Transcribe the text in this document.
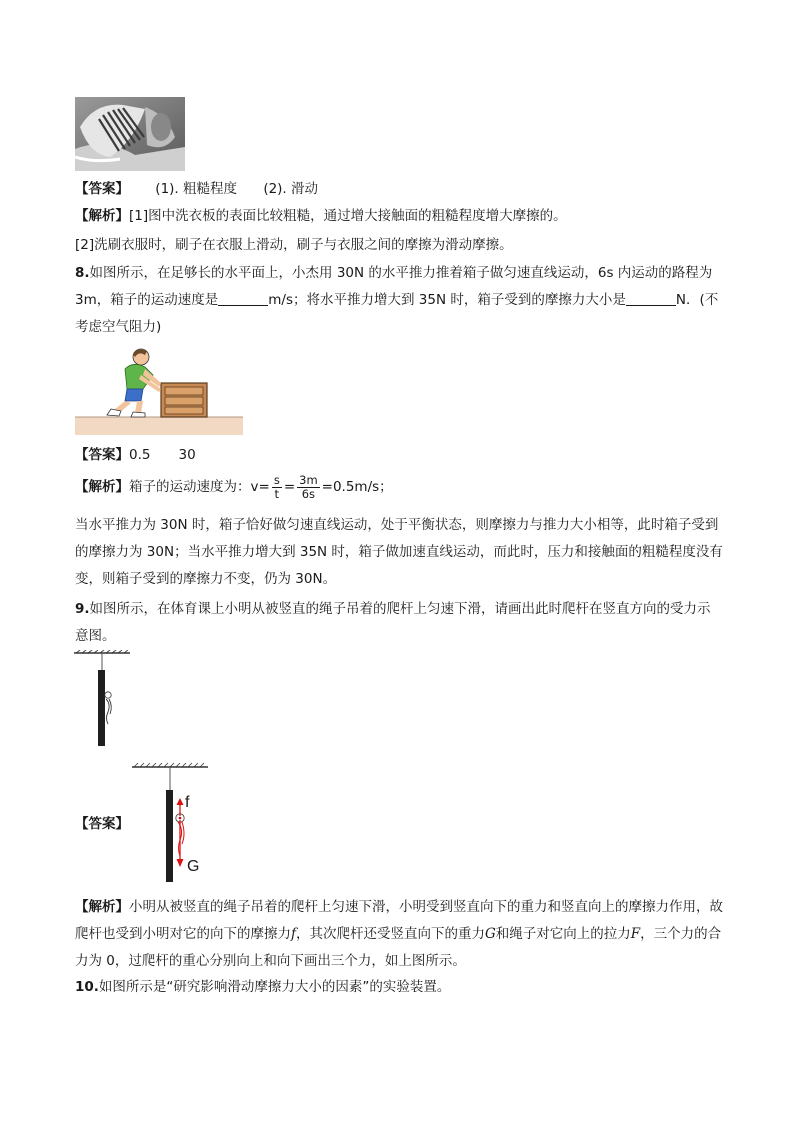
【答案】 (1). 粗糙程度 (2). 滑动
【解析】[1]图中洗衣板的表面比较粗糙，通过增大接触面的粗糙程度增大摩擦的。
[2]洗刷衣服时，刷子在衣服上滑动，刷子与衣服之间的摩擦为滑动摩擦。
8.如图所示，在足够长的水平面上，小杰用 30N 的水平推力推着箱子做匀速直线运动，6s 内运动的路程为
3m，箱子的运动速度是	m/s；将水平推力增大到 35N 时，箱子受到的摩擦力大小是	N．(不
考虑空气阻力)
【答案】0.5 30
【解析】箱子的运动速度为：$v= \frac{s}{t} = \frac{3m}{6s} =0.5m/s$；
当水平推力为 30N 时，箱子恰好做匀速直线运动，处于平衡状态，则摩擦力与推力大小相等，此时箱子受到的摩擦力为 30N；当水平推力增大到 35N 时，箱子做加速直线运动，而此时，压力和接触面的粗糙程度没有变，则箱子受到的摩擦力不变，仍为 30N。
9.如图所示，在体育课上小明从被竖直的绳子吊着的爬杆上匀速下滑，请画出此时爬杆在竖直方向的受力示意图。
【答案】
f
G
【解析】小明从被竖直的绳子吊着的爬杆上匀速下滑，小明受到竖直向下的重力和竖直向上的摩擦力作用，故爬杆也受到小明对它的向下的摩擦力f，其次爬杆还受竖直向下的重力G和绳子对它向上的拉力F，三个力的合力为 0，过爬杆的重心分别向上和向下画出三个力，如上图所示。
10.如图所示是“研究影响滑动摩擦力大小的因素”的实验装置。
